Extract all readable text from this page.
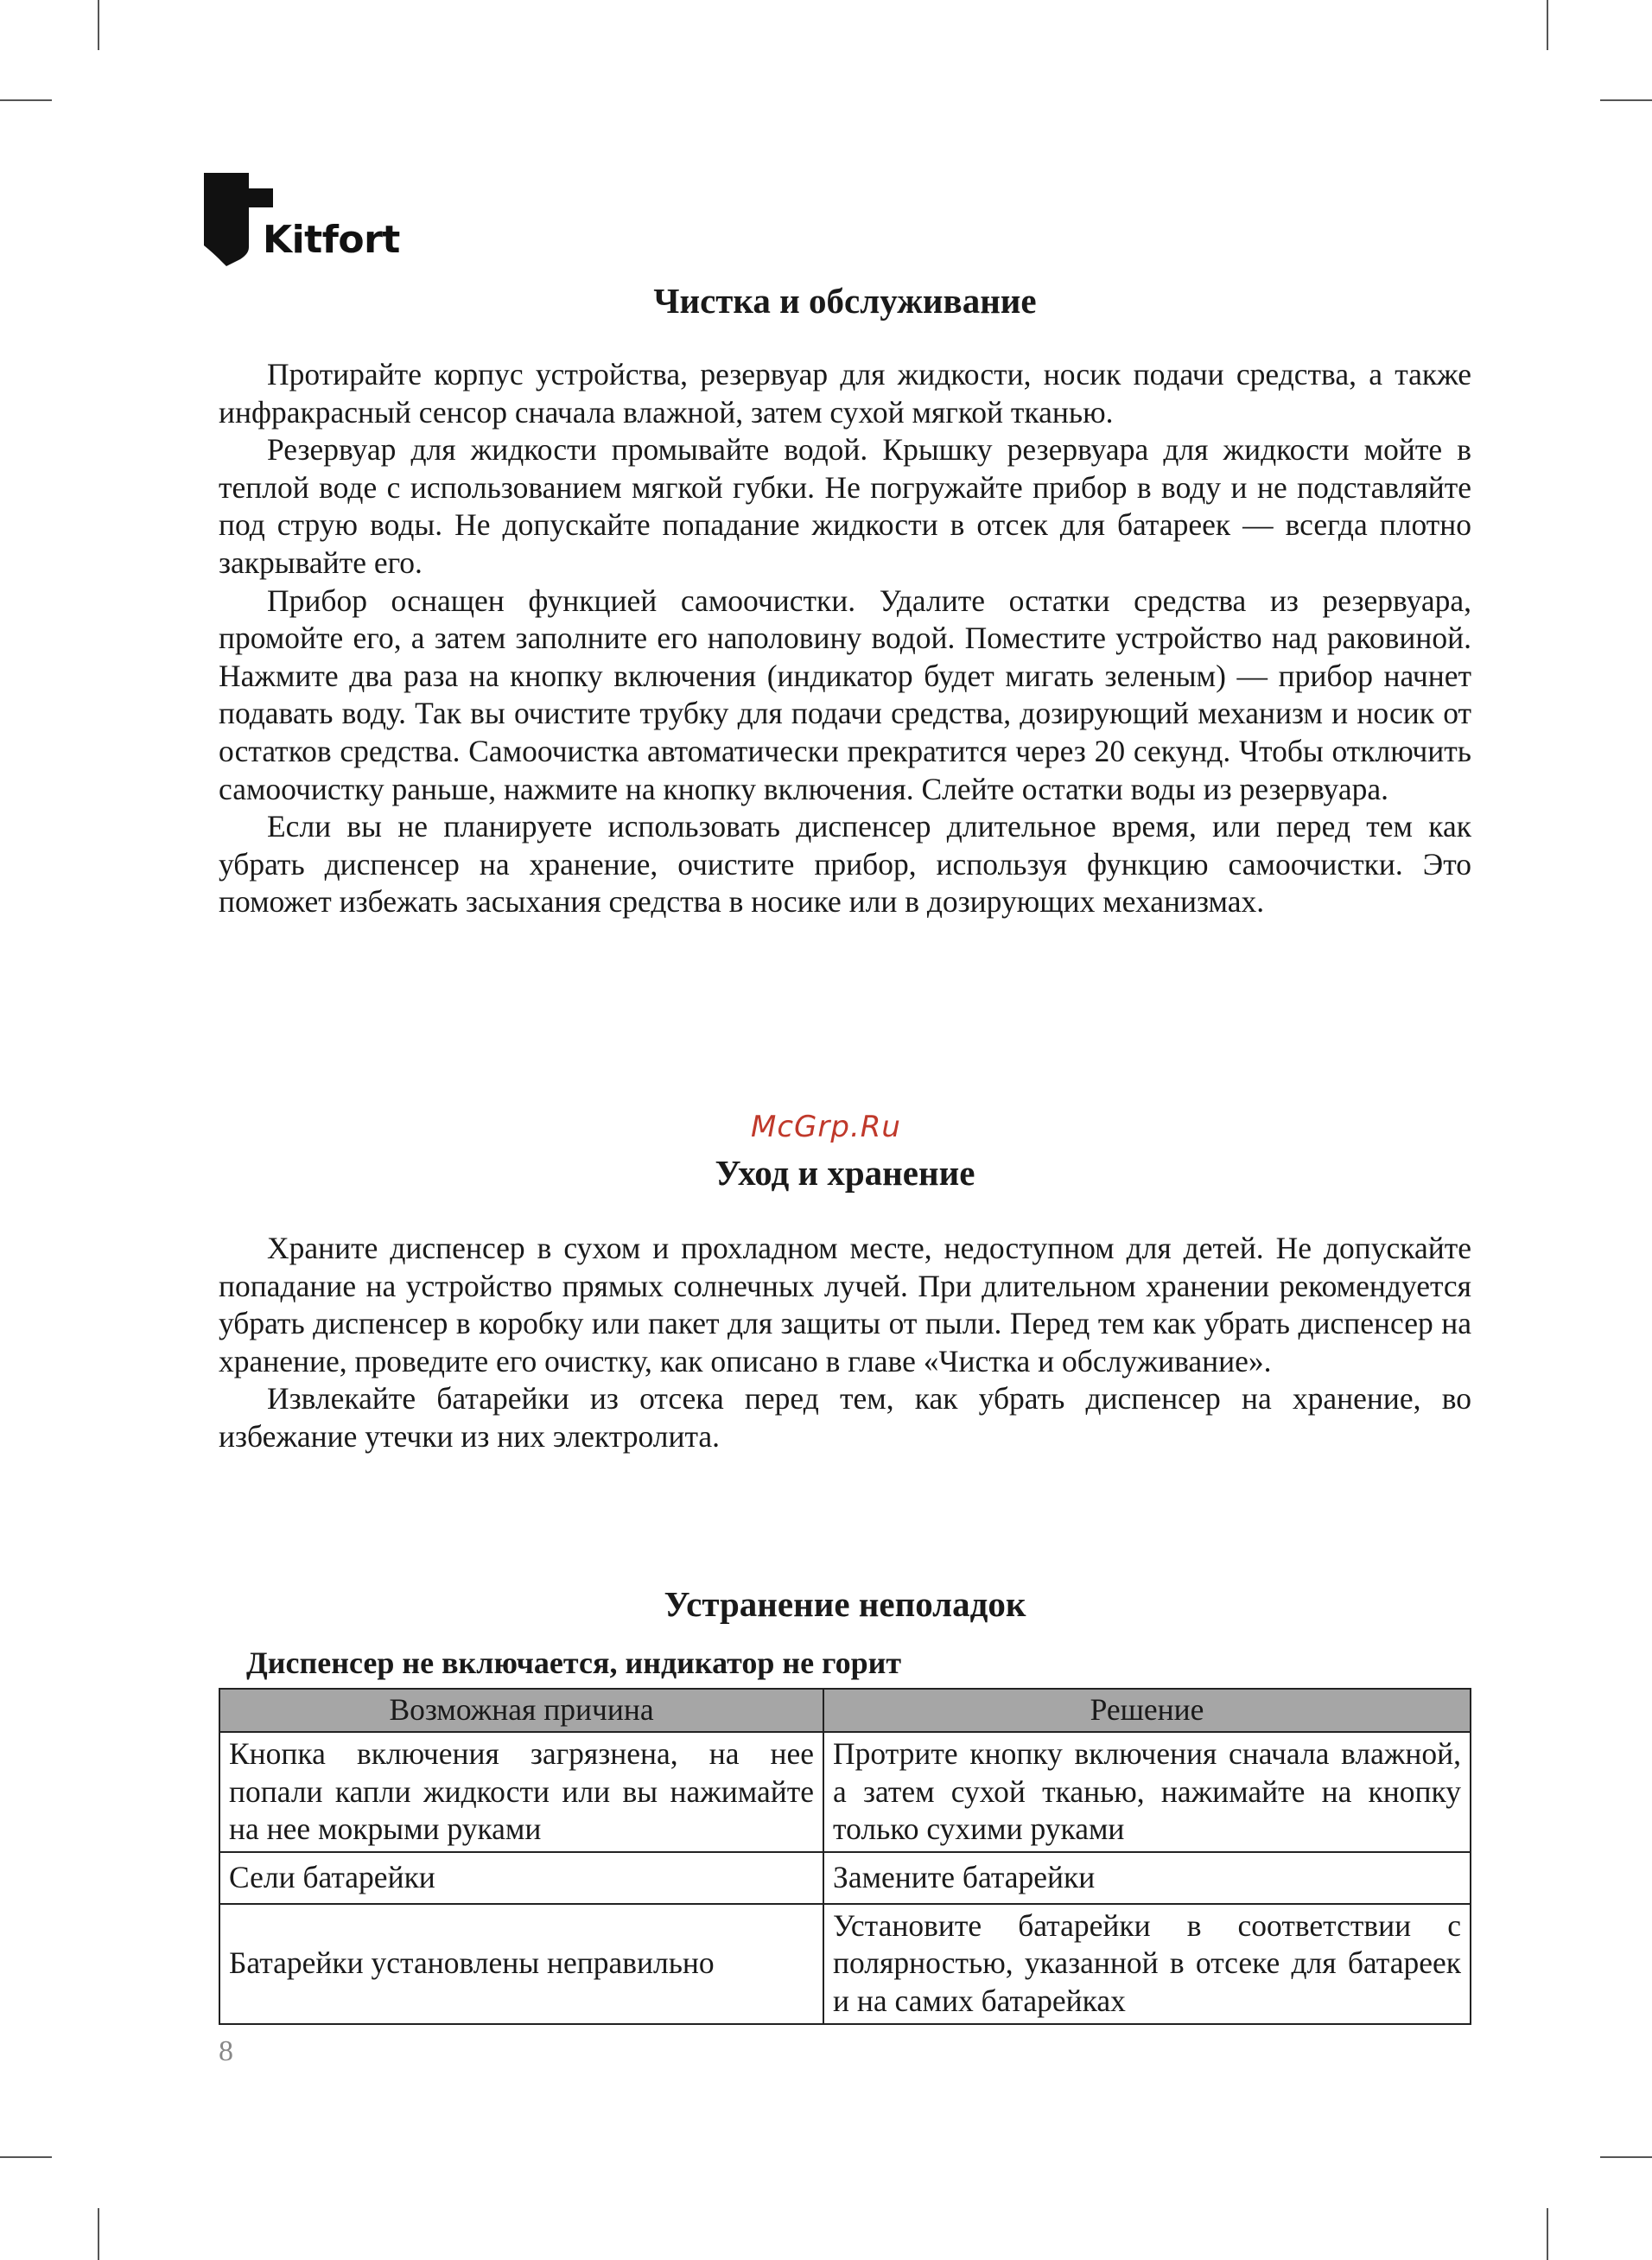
Kitfort
Чистка и обслуживание

Протирайте корпус устройства, резервуар для жидкости, носик подачи средства, а также инфракрасный сенсор сначала влажной, затем сухой мягкой тканью.

Резервуар для жидкости промывайте водой. Крышку резервуара для жидкости мойте в теплой воде с использованием мягкой губки. Не погружайте прибор в воду и не подставляйте под струю воды. Не допускайте попадание жидкости в отсек для батареек — всегда плотно закрывайте его.

Прибор оснащен функцией самоочистки. Удалите остатки средства из резервуара, промойте его, а затем заполните его наполовину водой. Поместите устройство над раковиной. Нажмите два раза на кнопку включения (индикатор будет мигать зеленым) — прибор начнет подавать воду. Так вы очистите трубку для подачи средства, дозирующий механизм и носик от остатков средства. Самоочистка автоматически прекратится через 20 секунд. Чтобы отключить самоочистку раньше, нажмите на кнопку включения. Слейте остатки воды из резервуара.

Если вы не планируете использовать диспенсер длительное время, или перед тем как убрать диспенсер на хранение, очистите прибор, используя функцию самоочистки. Это поможет избежать засыхания средства в носике или в дозирующих механизмах.

McGrp.Ru
Уход и хранение

Храните диспенсер в сухом и прохладном месте, недоступном для детей. Не допускайте попадание на устройство прямых солнечных лучей. При длительном хранении рекомендуется убрать диспенсер в коробку или пакет для защиты от пыли. Перед тем как убрать диспенсер на хранение, проведите его очистку, как описано в главе «Чистка и обслуживание».

Извлекайте батарейки из отсека перед тем, как убрать диспенсер на хранение, во избежание утечки из них электролита.

Устранение неполадок
Диспенсер не включается, индикатор не горит
Возможная причина	Решение
Кнопка включения загрязнена, на нее попали капли жидкости или вы нажимайте на нее мокрыми руками	Протрите кнопку включения сначала влажной, а затем сухой тканью, нажимайте на кнопку только сухими руками
Сели батарейки	Замените батарейки
Батарейки установлены неправильно	Установите батарейки в соответствии с полярностью, указанной в отсеке для батареек и на самих батарейках
8
